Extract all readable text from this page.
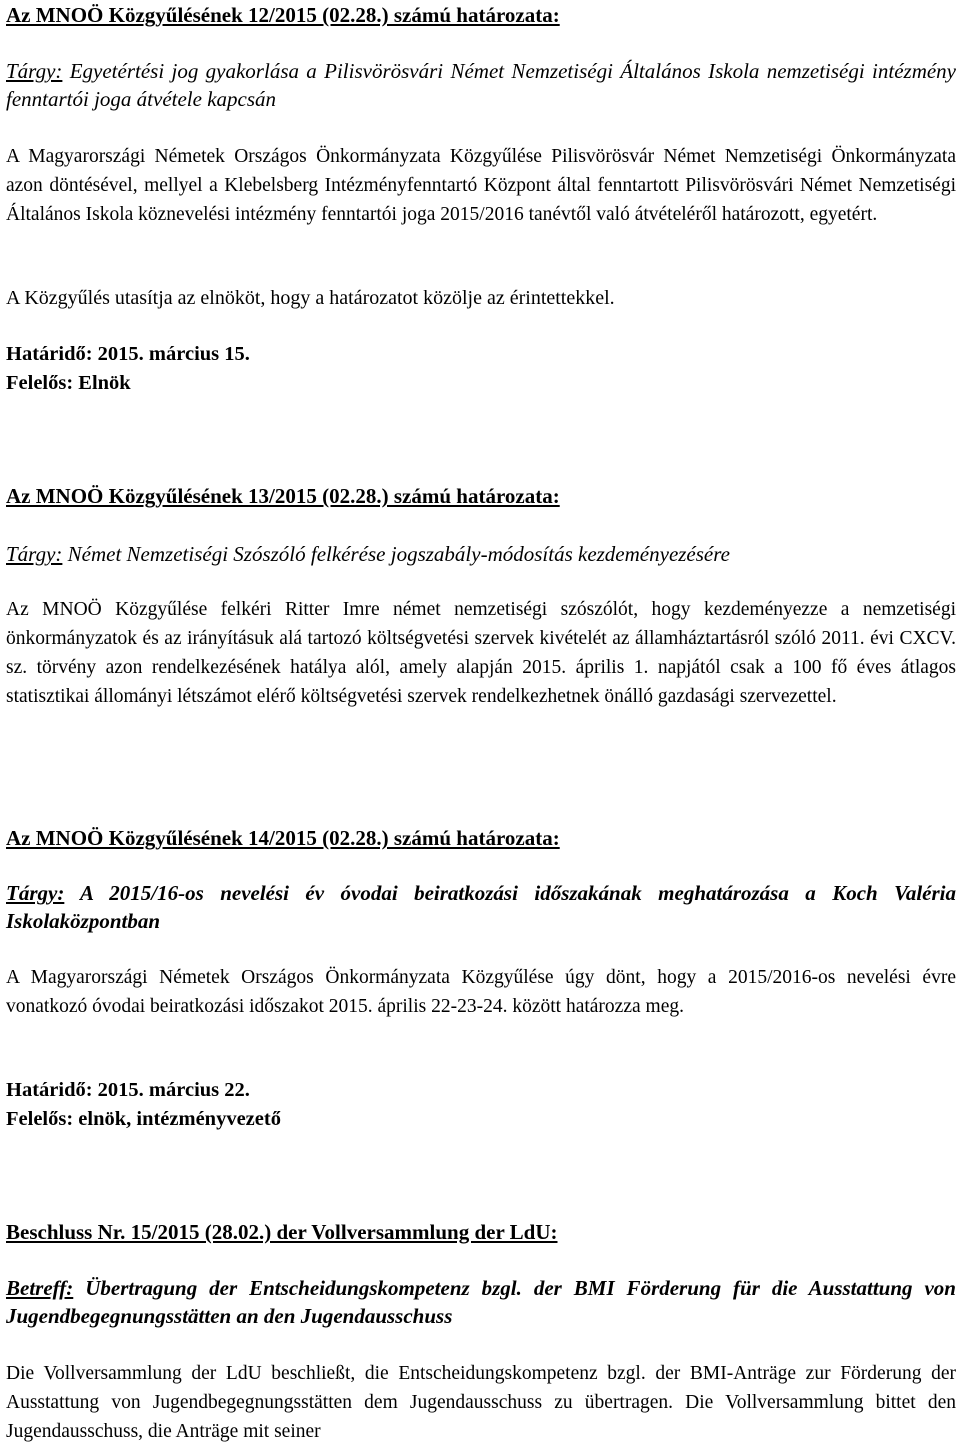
Az MNOÖ Közgyűlésének 12/2015 (02.28.) számú határozata:
Tárgy: Egyetértési jog gyakorlása a Pilisvörösvári Német Nemzetiségi Általános Iskola nemzetiségi intézmény fenntartói joga átvétele kapcsán
A Magyarországi Németek Országos Önkormányzata Közgyűlése Pilisvörösvár Német Nemzetiségi Önkormányzata azon döntésével, mellyel a Klebelsberg Intézményfenntartó Központ által fenntartott Pilisvörösvári Német Nemzetiségi Általános Iskola köznevelési intézmény fenntartói joga 2015/2016 tanévtől való átvételéről határozott, egyetért.
A Közgyűlés utasítja az elnököt, hogy a határozatot közölje az érintettekkel.
Határidő: 2015. március 15.
Felelős: Elnök
Az MNOÖ Közgyűlésének 13/2015 (02.28.) számú határozata:
Tárgy: Német Nemzetiségi Szószóló felkérése jogszabály-módosítás kezdeményezésére
Az MNOÖ Közgyűlése felkéri Ritter Imre német nemzetiségi szószólót, hogy kezdeményezze a nemzetiségi önkormányzatok és az irányításuk alá tartozó költségvetési szervek kivételét az államháztartásról szóló 2011. évi CXCV. sz. törvény azon rendelkezésének hatálya alól, amely alapján 2015. április 1. napjától csak a 100 fő éves átlagos statisztikai állományi létszámot elérő költségvetési szervek rendelkezhetnek önálló gazdasági szervezettel.
Az MNOÖ Közgyűlésének 14/2015 (02.28.) számú határozata:
Tárgy: A 2015/16-os nevelési év óvodai beiratkozási időszakának meghatározása a Koch Valéria Iskolaközpontban
A Magyarországi Németek Országos Önkormányzata Közgyűlése úgy dönt, hogy a 2015/2016-os nevelési évre vonatkozó óvodai beiratkozási időszakot 2015. április 22-23-24. között határozza meg.
Határidő: 2015. március 22.
Felelős: elnök, intézményvezető
Beschluss Nr. 15/2015 (28.02.) der Vollversammlung der LdU:
Betreff: Übertragung der Entscheidungskompetenz bzgl. der BMI Förderung für die Ausstattung von Jugendbegegnungsstätten an den Jugendausschuss
Die Vollversammlung der LdU beschließt, die Entscheidungskompetenz bzgl. der BMI-Anträge zur Förderung der Ausstattung von Jugendbegegnungsstätten dem Jugendausschuss zu übertragen. Die Vollversammlung bittet den Jugendausschuss, die Anträge mit seiner
